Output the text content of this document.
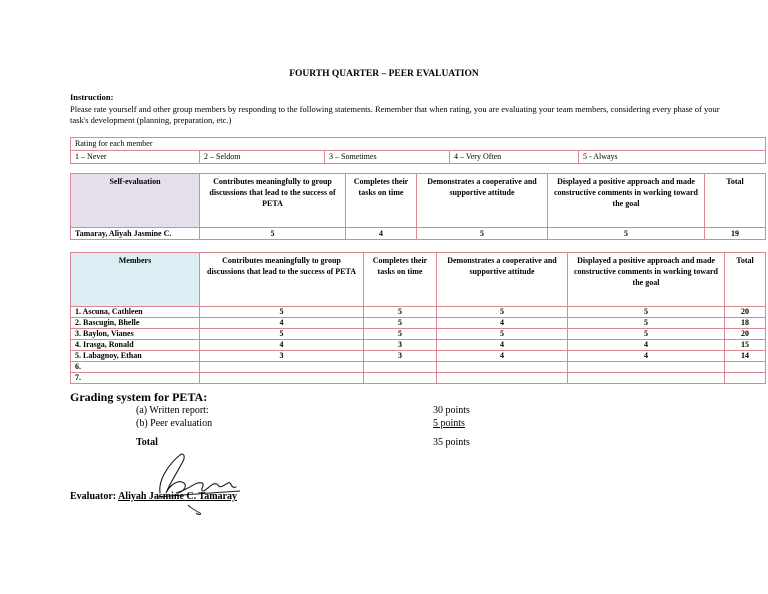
FOURTH QUARTER – PEER EVALUATION
Instruction:
Please rate yourself and other group members by responding to the following statements. Remember that when rating, you are evaluating your team members, considering every phase of your task's development (planning, preparation, etc.)
Rating for each member
1 – Never	2 – Seldom	3 – Sometimes	4 – Very Often	5 - Always
Self-evaluation	Contributes meaningfully to group discussions that lead to the success of PETA	Completes their tasks on time	Demonstrates a cooperative and supportive attitude	Displayed a positive approach and made constructive comments in working toward the goal	Total
Tamaray, Aliyah Jasmine C.	5	4	5	5	19
Members	Contributes meaningfully to group discussions that lead to the success of PETA	Completes their tasks on time	Demonstrates a cooperative and supportive attitude	Displayed a positive approach and made constructive comments in working toward the goal	Total
1. Ascuna, Cathleen	5	5	5	5	20
2. Bascugin, Bhelle	4	5	4	5	18
3. Baylon, Vianes	5	5	5	5	20
4. Irasga, Ronald	4	3	4	4	15
5. Labagnoy, Ethan	3	3	4	4	14
6.					
7.					
Grading system for PETA:
(a) Written report:	30 points
(b) Peer evaluation	5 points
Total	35 points
Evaluator: Aliyah Jasmine C. Tamaray
